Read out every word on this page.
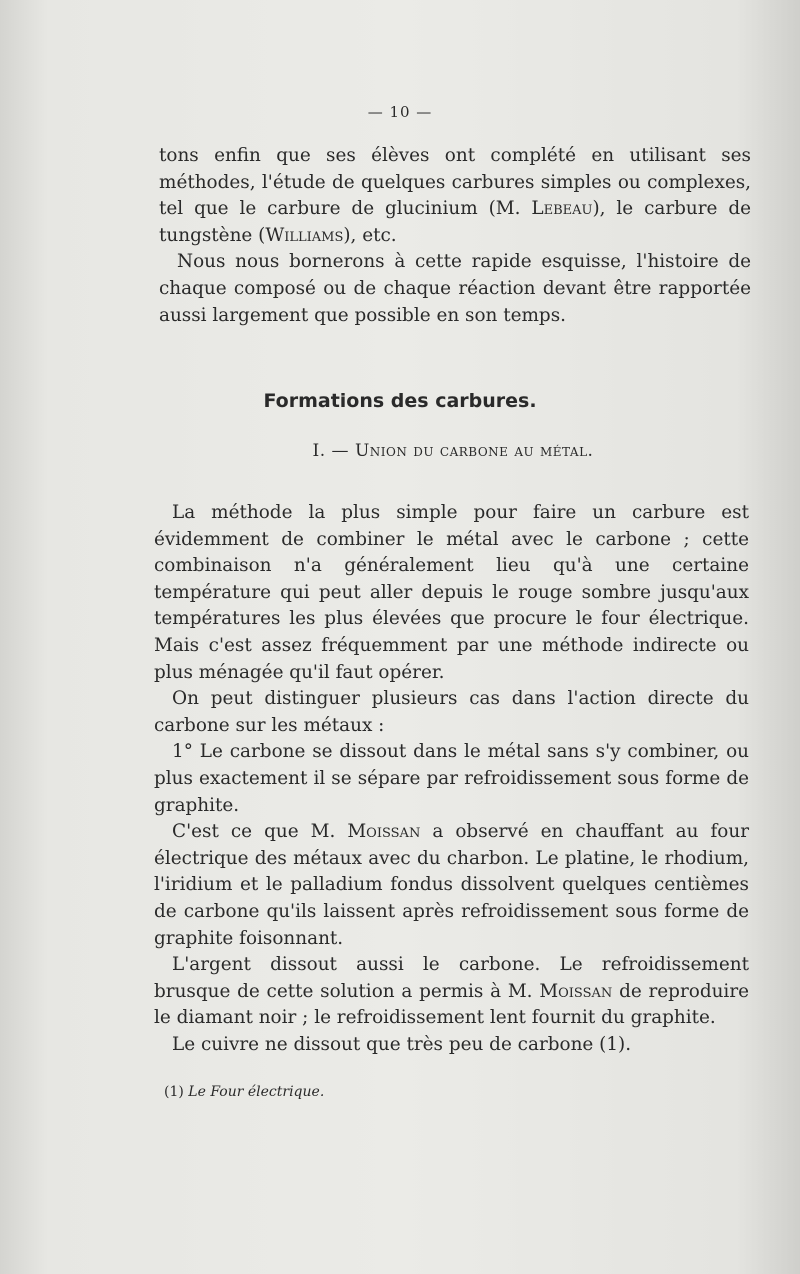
— 10 —

tons enfin que ses élèves ont complété en utilisant ses méthodes, l'étude de quelques carbures simples ou complexes, tel que le carbure de glucinium (M. Lebeau), le carbure de tungstène (Williams), etc.

Nous nous bornerons à cette rapide esquisse, l'histoire de chaque composé ou de chaque réaction devant être rapportée aussi largement que possible en son temps.

Formations des carbures.
I. — Union du carbone au métal.

La méthode la plus simple pour faire un carbure est évidemment de combiner le métal avec le carbone ; cette combinaison n'a généralement lieu qu'à une certaine température qui peut aller depuis le rouge sombre jusqu'aux températures les plus élevées que procure le four électrique. Mais c'est assez fréquemment par une méthode indirecte ou plus ménagée qu'il faut opérer.

On peut distinguer plusieurs cas dans l'action directe du carbone sur les métaux :

1° Le carbone se dissout dans le métal sans s'y combiner, ou plus exactement il se sépare par refroidissement sous forme de graphite.

C'est ce que M. Moissan a observé en chauffant au four électrique des métaux avec du charbon. Le platine, le rhodium, l'iridium et le palladium fondus dissolvent quelques centièmes de carbone qu'ils laissent après refroidissement sous forme de graphite foisonnant.

L'argent dissout aussi le carbone. Le refroidissement brusque de cette solution a permis à M. Moissan de reproduire le diamant noir ; le refroidissement lent fournit du graphite.

Le cuivre ne dissout que très peu de carbone (1).

(1) Le Four électrique.
